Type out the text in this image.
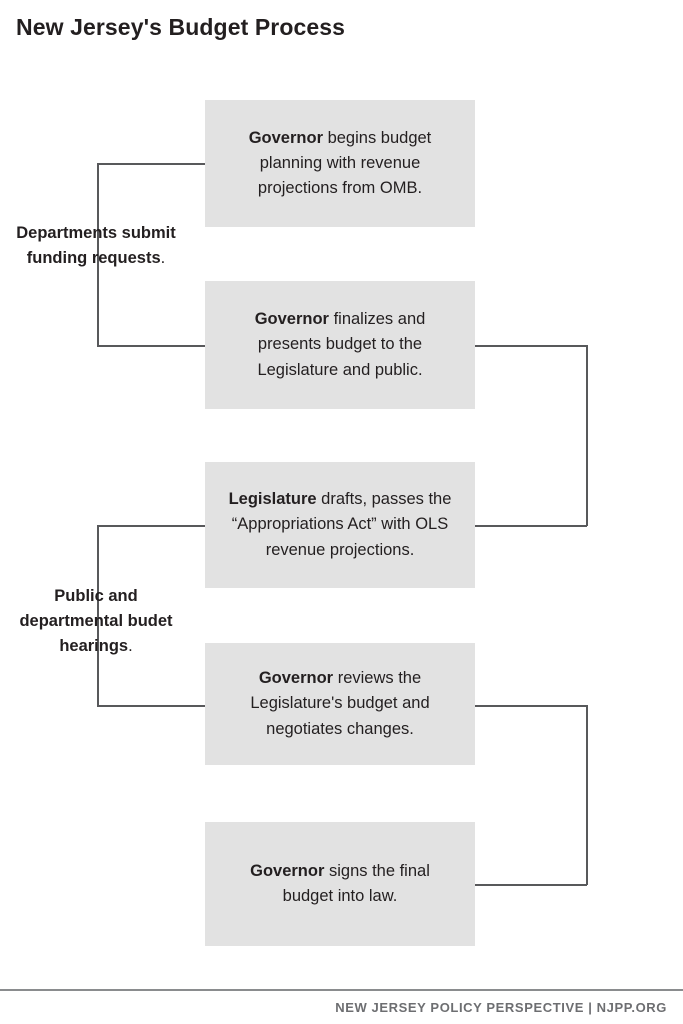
New Jersey's Budget Process
Governor begins budget planning with revenue projections from OMB.
Governor finalizes and presents budget to the Legislature and public.
Legislature drafts, passes the “Appropriations Act” with OLS revenue projections.
Governor reviews the Legislature's budget and negotiates changes.
Governor signs the final budget into law.
Departments submit funding requests.
Public and departmental budet hearings.
NEW JERSEY POLICY PERSPECTIVE | NJPP.ORG
